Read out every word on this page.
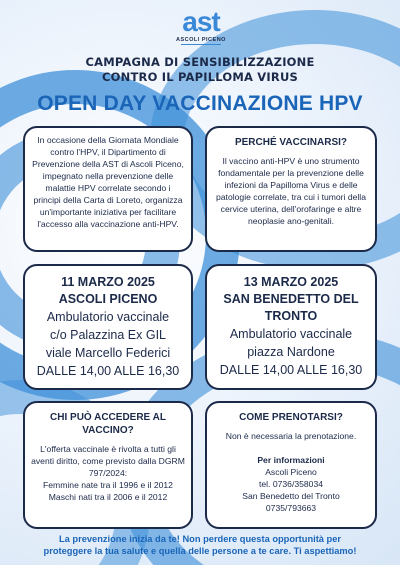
ast
ASCOLI PICENO
CAMPAGNA DI SENSIBILIZZAZIONE
CONTRO IL PAPILLOMA VIRUS
OPEN DAY VACCINAZIONE HPV
In occasione della Giornata Mondiale contro l'HPV, il Dipartimento di Prevenzione della AST di Ascoli Piceno, impegnato nella prevenzione delle malattie HPV correlate secondo i principi della Carta di Loreto, organizza un'importante iniziativa per facilitare l'accesso alla vaccinazione anti-HPV.
PERCHÉ VACCINARSI?
Il vaccino anti-HPV è uno strumento fondamentale per la prevenzione delle infezioni da Papilloma Virus e delle patologie correlate, tra cui i tumori della cervice uterina, dell'orofaringe e altre neoplasie ano-genitali.
11 MARZO 2025
ASCOLI PICENO
Ambulatorio vaccinale
c/o Palazzina Ex GIL
viale Marcello Federici
DALLE 14,00 ALLE 16,30
13 MARZO 2025
SAN BENEDETTO DEL TRONTO
Ambulatorio vaccinale
piazza Nardone
DALLE 14,00 ALLE 16,30
CHI PUÒ ACCEDERE AL VACCINO?
L'offerta vaccinale è rivolta a tutti gli aventi diritto, come previsto dalla DGRM 797/2024:
Femmine nate tra il 1996 e il 2012
Maschi nati tra il 2006 e il 2012
COME PRENOTARSI?
Non è necessaria la prenotazione.
Per informazioni
Ascoli Piceno
tel. 0736/358034
San Benedetto del Tronto
0735/793663
La prevenzione inizia da te! Non perdere questa opportunità per
proteggere la tua salute e quella delle persone a te care. Ti aspettiamo!
